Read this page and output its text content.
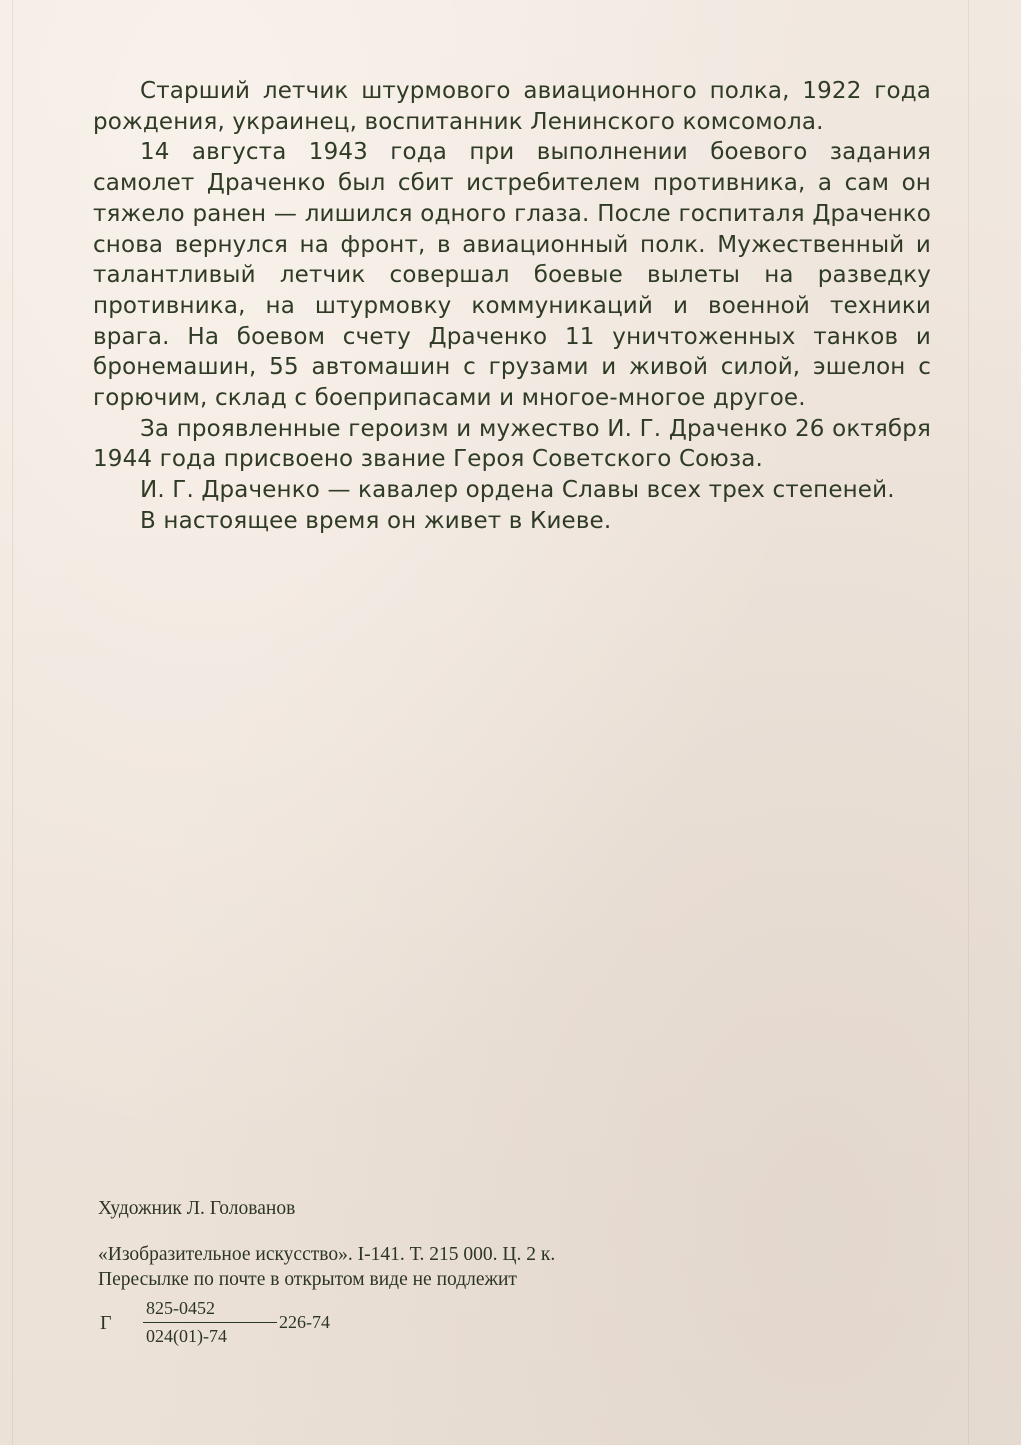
Старший летчик штурмового авиационного полка, 1922 года рождения, украинец, воспитанник Ленинского комсомола.

14 августа 1943 года при выполнении боевого задания самолет Драченко был сбит истребителем противника, а сам он тяжело ранен — лишился одного глаза. После госпиталя Драченко снова вернулся на фронт, в авиационный полк. Мужественный и талантливый летчик совершал боевые вылеты на разведку противника, на штурмовку коммуникаций и военной техники врага. На боевом счету Драченко 11 уничтоженных танков и бронемашин, 55 автомашин с грузами и живой силой, эшелон с горючим, склад с боеприпасами и многое-многое другое.

За проявленные героизм и мужество И. Г. Драченко 26 октября 1944 года присвоено звание Героя Советского Союза.

И. Г. Драченко — кавалер ордена Славы всех трех степеней.

В настоящее время он живет в Киеве.

Художник Л. Голованов
«Изобразительное искусство». I-141. Т. 215 000. Ц. 2 к.
Пересылке по почте в открытом виде не подлежит
Г
825-0452
024(01)-74
226-74
